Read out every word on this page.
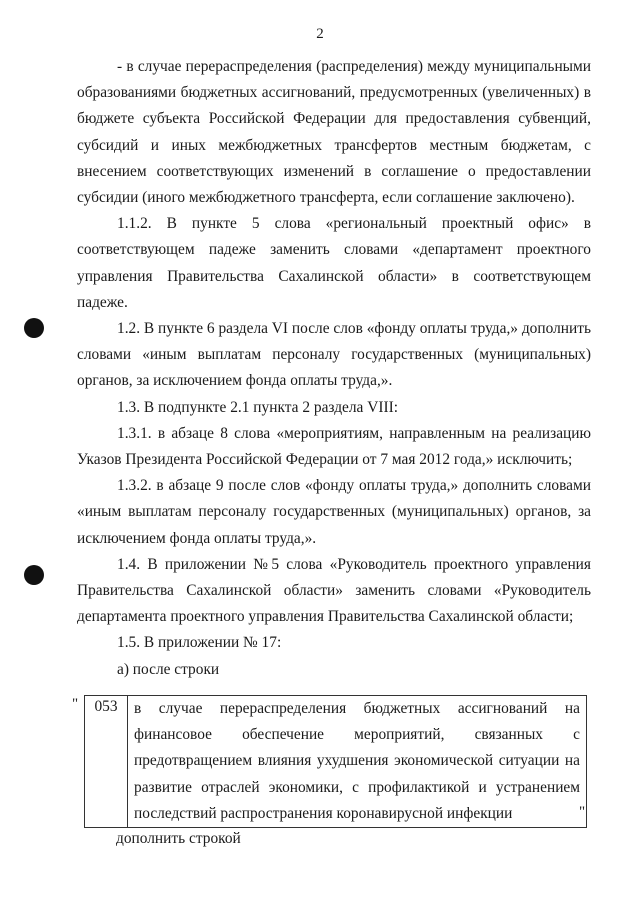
2

- в случае перераспределения (распределения) между муниципальными образованиями бюджетных ассигнований, предусмотренных (увеличенных) в бюджете субъекта Российской Федерации для предоставления субвенций, субсидий и иных межбюджетных трансфертов местным бюджетам, с внесением соответствующих изменений в соглашение о предоставлении субсидии (иного межбюджетного трансферта, если соглашение заключено).

1.1.2. В пункте 5 слова «региональный проектный офис» в соответствующем падеже заменить словами «департамент проектного управления Правительства Сахалинской области» в соответствующем падеже.

1.2. В пункте 6 раздела VI после слов «фонду оплаты труда,» дополнить словами «иным выплатам персоналу государственных (муниципальных) органов, за исключением фонда оплаты труда,».

1.3. В подпункте 2.1 пункта 2 раздела VIII:

1.3.1. в абзаце 8 слова «мероприятиям, направленным на реализацию Указов Президента Российской Федерации от 7 мая 2012 года,» исключить;

1.3.2. в абзаце 9 после слов «фонду оплаты труда,» дополнить словами «иным выплатам персоналу государственных (муниципальных) органов, за исключением фонда оплаты труда,».

1.4. В приложении №5 слова «Руководитель проектного управления Правительства Сахалинской области» заменить словами «Руководитель департамента проектного управления Правительства Сахалинской области;

1.5. В приложении № 17:

а) после строки

" 053	в случае перераспределения бюджетных ассигнований на финансовое обеспечение мероприятий, связанных с предотвращением влияния ухудшения экономической ситуации на развитие отраслей экономики, с профилактикой и устранением последствий распространения коронавирусной инфекции	"
дополнить строкой
